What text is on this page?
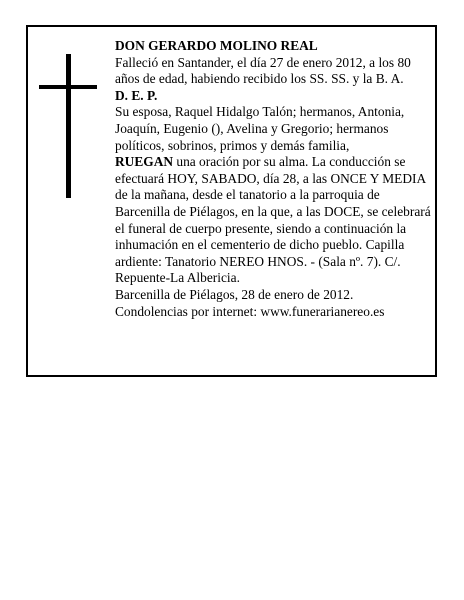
DON GERARDO MOLINO REAL

Falleció en Santander, el día 27 de enero 2012, a los 80 años de edad, habiendo recibido los SS. SS. y la B. A.

D. E. P.

Su esposa, Raquel Hidalgo Talón; hermanos, Antonia, Joaquín, Eugenio (), Avelina y Gregorio; hermanos políticos, sobrinos, primos y demás familia,

RUEGAN una oración por su alma. La conducción se efectuará HOY, SABADO, día 28, a las ONCE Y MEDIA de la mañana, desde el tanatorio a la parroquia de Barcenilla de Piélagos, en la que, a las DOCE, se celebrará el funeral de cuerpo presente, siendo a continuación la inhumación en el cementerio de dicho pueblo. Capilla ardiente: Tanatorio NEREO HNOS. - (Sala nº. 7). C/. Repuente-La Albericia.

Barcenilla de Piélagos, 28 de enero de 2012.

Condolencias por internet: www.funerarianereo.es
